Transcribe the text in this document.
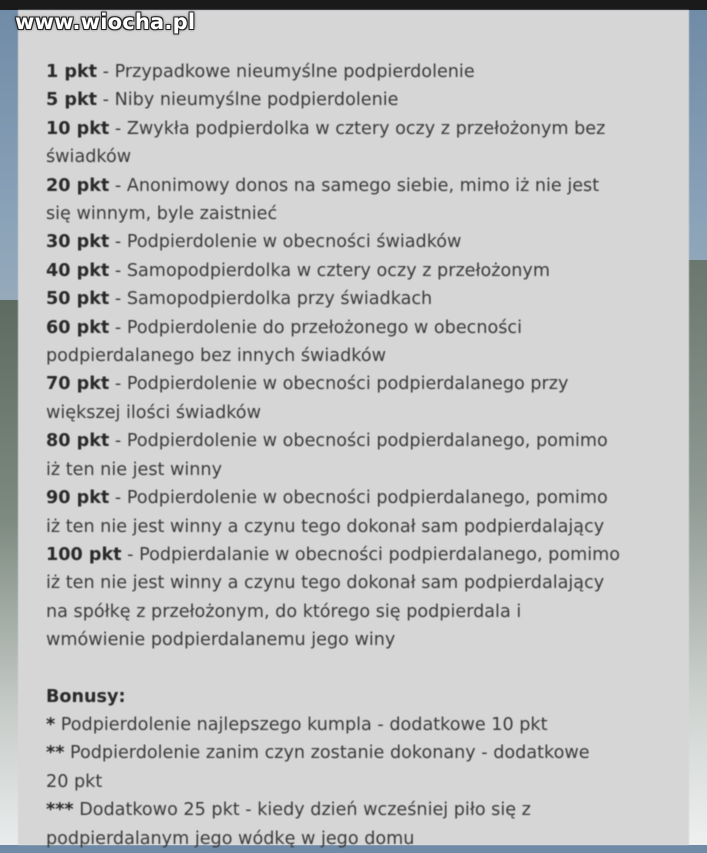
1 pkt - Przypadkowe nieumyślne podpierdolenie

5 pkt - Niby nieumyślne podpierdolenie

10 pkt - Zwykła podpierdolka w cztery oczy z przełożonym bez

świadków

20 pkt - Anonimowy donos na samego siebie, mimo iż nie jest

się winnym, byle zaistnieć

30 pkt - Podpierdolenie w obecności świadków

40 pkt - Samopodpierdolka w cztery oczy z przełożonym

50 pkt - Samopodpierdolka przy świadkach

60 pkt - Podpierdolenie do przełożonego w obecności

podpierdalanego bez innych świadków

70 pkt - Podpierdolenie w obecności podpierdalanego przy

większej ilości świadków

80 pkt - Podpierdolenie w obecności podpierdalanego, pomimo

iż ten nie jest winny

90 pkt - Podpierdolenie w obecności podpierdalanego, pomimo

iż ten nie jest winny a czynu tego dokonał sam podpierdalający

100 pkt - Podpierdalanie w obecności podpierdalanego, pomimo

iż ten nie jest winny a czynu tego dokonał sam podpierdalający

na spółkę z przełożonym, do którego się podpierdala i

wmówienie podpierdalanemu jego winy

Bonusy:

* Podpierdolenie najlepszego kumpla - dodatkowe 10 pkt

** Podpierdolenie zanim czyn zostanie dokonany - dodatkowe

20 pkt

*** Dodatkowo 25 pkt - kiedy dzień wcześniej piło się z

podpierdalanym jego wódkę w jego domu

www.wiocha.pl
